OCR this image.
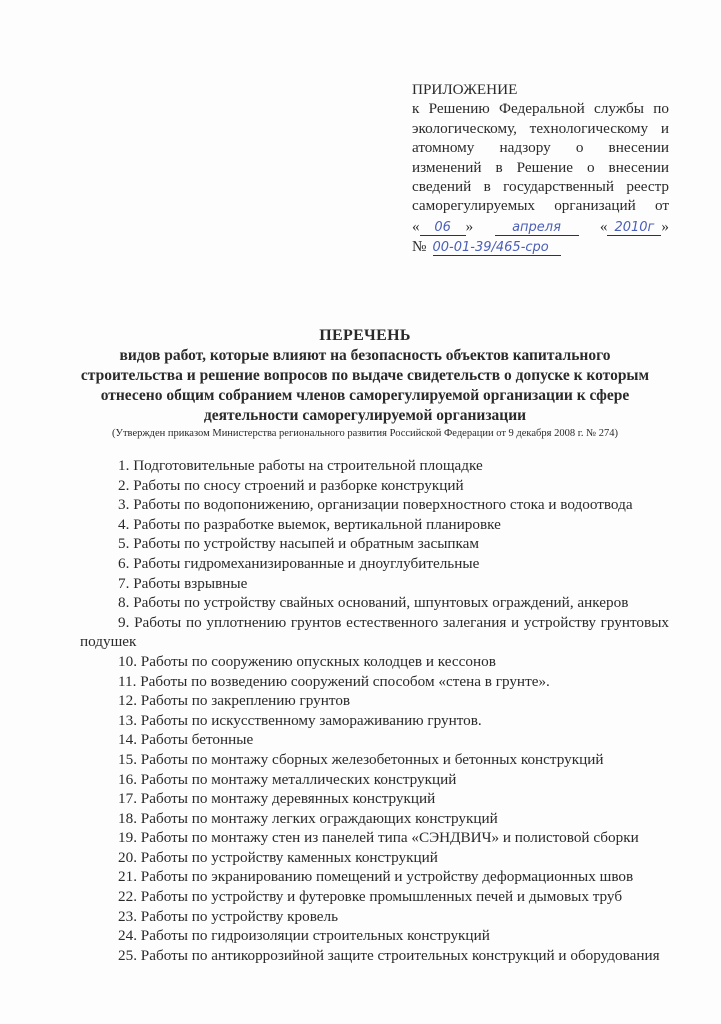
ПРИЛОЖЕНИЕ
к Решению Федеральной службы по
экологическому, технологическому и
атомному надзору о внесении
изменений в Решение о внесении
сведений в государственный реестр
саморегулируемых организаций от
« 06 »	апреля	« 2010г »
№ 00-01-39/465-сро
ПЕРЕЧЕНЬ
видов работ, которые влияют на безопасность объектов капитального
строительства и решение вопросов по выдаче свидетельств о допуске к которым
отнесено общим собранием членов саморегулируемой организации к сфере
деятельности саморегулируемой организации
(Утвержден приказом Министерства регионального развития Российской Федерации от 9 декабря 2008 г. № 274)

1. Подготовительные работы на строительной площадке

2. Работы по сносу строений и разборке конструкций

3. Работы по водопонижению, организации поверхностного стока и водоотвода

4. Работы по разработке выемок, вертикальной планировке

5. Работы по устройству насыпей и обратным засыпкам

6. Работы гидромеханизированные и дноуглубительные

7. Работы взрывные

8. Работы по устройству свайных оснований, шпунтовых ограждений, анкеров

9. Работы по уплотнению грунтов естественного залегания и устройству грунтовых подушек

10. Работы по сооружению опускных колодцев и кессонов

11. Работы по возведению сооружений способом «стена в грунте».

12. Работы по закреплению грунтов

13. Работы по искусственному замораживанию грунтов.

14. Работы бетонные

15. Работы по монтажу сборных железобетонных и бетонных конструкций

16. Работы по монтажу металлических конструкций

17. Работы по монтажу деревянных конструкций

18. Работы по монтажу легких ограждающих конструкций

19. Работы по монтажу стен из панелей типа «СЭНДВИЧ» и полистовой сборки

20. Работы по устройству каменных конструкций

21. Работы по экранированию помещений и устройству деформационных швов

22. Работы по устройству и футеровке промышленных печей и дымовых труб

23. Работы по устройству кровель

24. Работы по гидроизоляции строительных конструкций

25. Работы по антикоррозийной защите строительных конструкций и оборудования
